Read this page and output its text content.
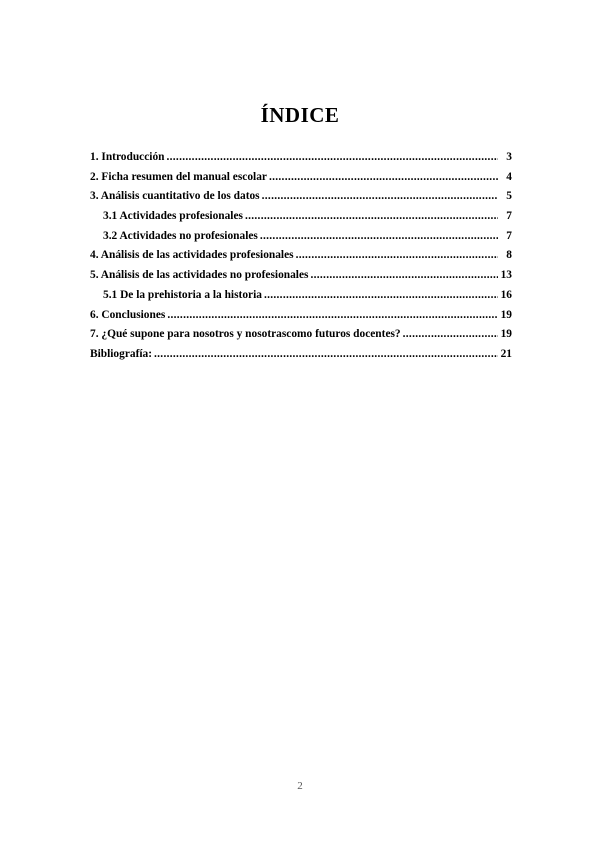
ÍNDICE
1. Introducción .....	3
2. Ficha resumen del manual escolar .....	4
3. Análisis cuantitativo de los datos .....	5
3.1 Actividades profesionales .....	7
3.2 Actividades no profesionales .....	7
4. Análisis de las actividades profesionales .....	8
5. Análisis de las actividades no profesionales .....	13
5.1 De la prehistoria a la historia .....	16
6. Conclusiones .....	19
7. ¿Qué supone para nosotros y nosotrascomo futuros docentes? .....	19
Bibliografía: .....	21
2
